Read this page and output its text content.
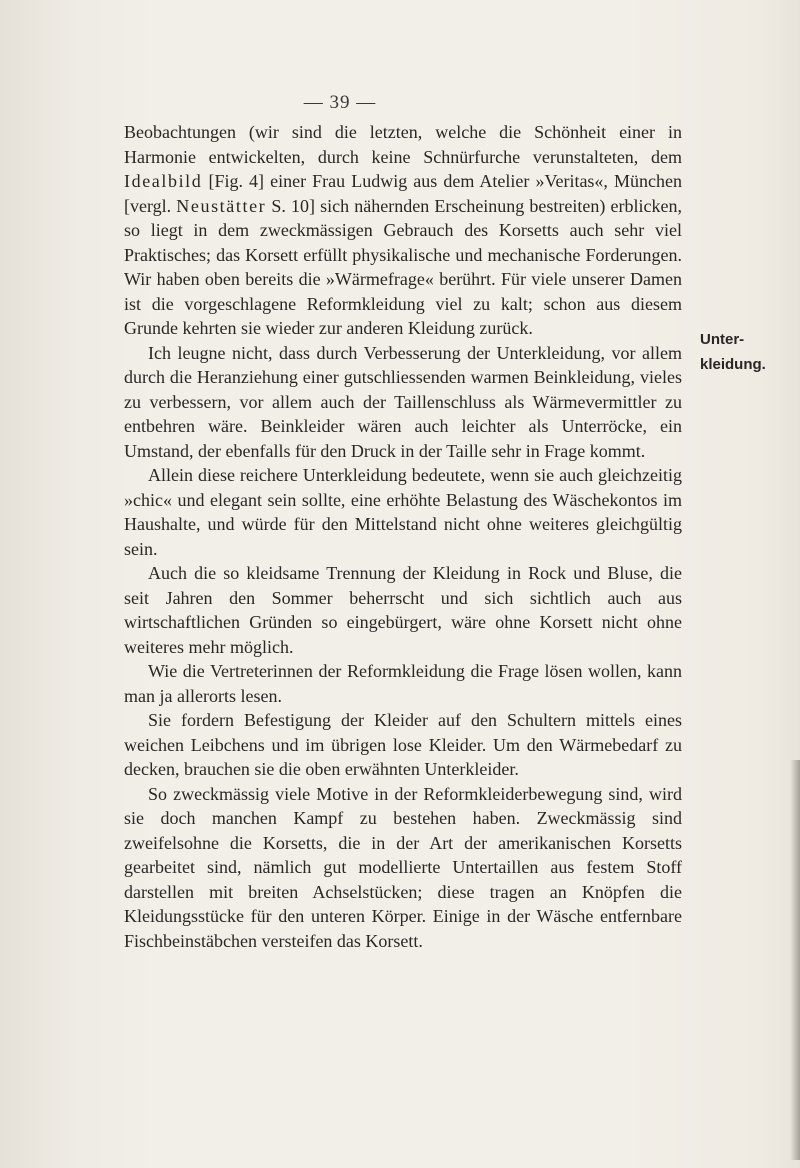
— 39 —

Beobachtungen (wir sind die letzten, welche die Schönheit einer in Harmonie entwickelten, durch keine Schnürfurche verunstalteten, dem Idealbild [Fig. 4] einer Frau Ludwig aus dem Atelier »Veritas«, München [vergl. Neustätter S. 10] sich nähernden Erscheinung bestreiten) erblicken, so liegt in dem zweckmässigen Gebrauch des Korsetts auch sehr viel Praktisches; das Korsett erfüllt physikalische und mechanische Forderungen. Wir haben oben bereits die »Wärmefrage« berührt. Für viele unserer Damen ist die vorgeschlagene Reformkleidung viel zu kalt; schon aus diesem Grunde kehrten sie wieder zur anderen Kleidung zurück.

Ich leugne nicht, dass durch Verbesserung der Unterkleidung, vor allem durch die Heranziehung einer gutschliessenden warmen Beinkleidung, vieles zu verbessern, vor allem auch der Taillenschluss als Wärmevermittler zu entbehren wäre. Beinkleider wären auch leichter als Unterröcke, ein Umstand, der ebenfalls für den Druck in der Taille sehr in Frage kommt.

Allein diese reichere Unterkleidung bedeutete, wenn sie auch gleichzeitig »chic« und elegant sein sollte, eine erhöhte Belastung des Wäschekontos im Haushalte, und würde für den Mittelstand nicht ohne weiteres gleichgültig sein.

Auch die so kleidsame Trennung der Kleidung in Rock und Bluse, die seit Jahren den Sommer beherrscht und sich sichtlich auch aus wirtschaftlichen Gründen so eingebürgert, wäre ohne Korsett nicht ohne weiteres mehr möglich.

Wie die Vertreterinnen der Reformkleidung die Frage lösen wollen, kann man ja allerorts lesen.

Sie fordern Befestigung der Kleider auf den Schultern mittels eines weichen Leibchens und im übrigen lose Kleider. Um den Wärmebedarf zu decken, brauchen sie die oben erwähnten Unterkleider.

So zweckmässig viele Motive in der Reformkleiderbewegung sind, wird sie doch manchen Kampf zu bestehen haben. Zweckmässig sind zweifelsohne die Korsetts, die in der Art der amerikanischen Korsetts gearbeitet sind, nämlich gut modellierte Untertaillen aus festem Stoff darstellen mit breiten Achselstücken; diese tragen an Knöpfen die Kleidungsstücke für den unteren Körper. Einige in der Wäsche entfernbare Fischbeinstäbchen versteifen das Korsett.

Unter-
kleidung.
